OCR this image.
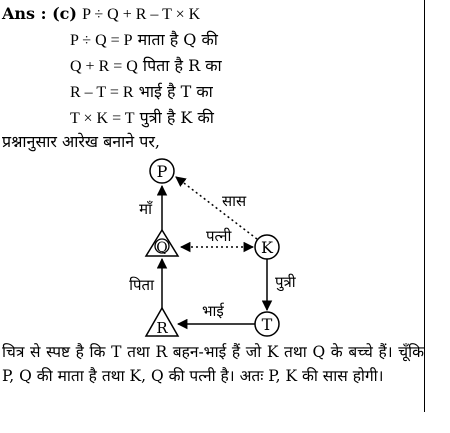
Ans : (c) P ÷ Q + R – T × K
P ÷ Q = P माता है Q की
Q + R = Q पिता है R का
R – T = R भाई है T का
T × K = T पुत्री है K की
प्रश्नानुसार आरेख बनाने पर,
P
Q
R
K
T
माँ	सास
पत्नी
पिता	पुत्री
भाई
चित्र से स्पष्ट है कि T तथा R बहन-भाई हैं जो K तथा Q के बच्चे हैं। चूँकि P, Q की माता है तथा K, Q की पत्नी है। अतः P, K की सास होगी।
